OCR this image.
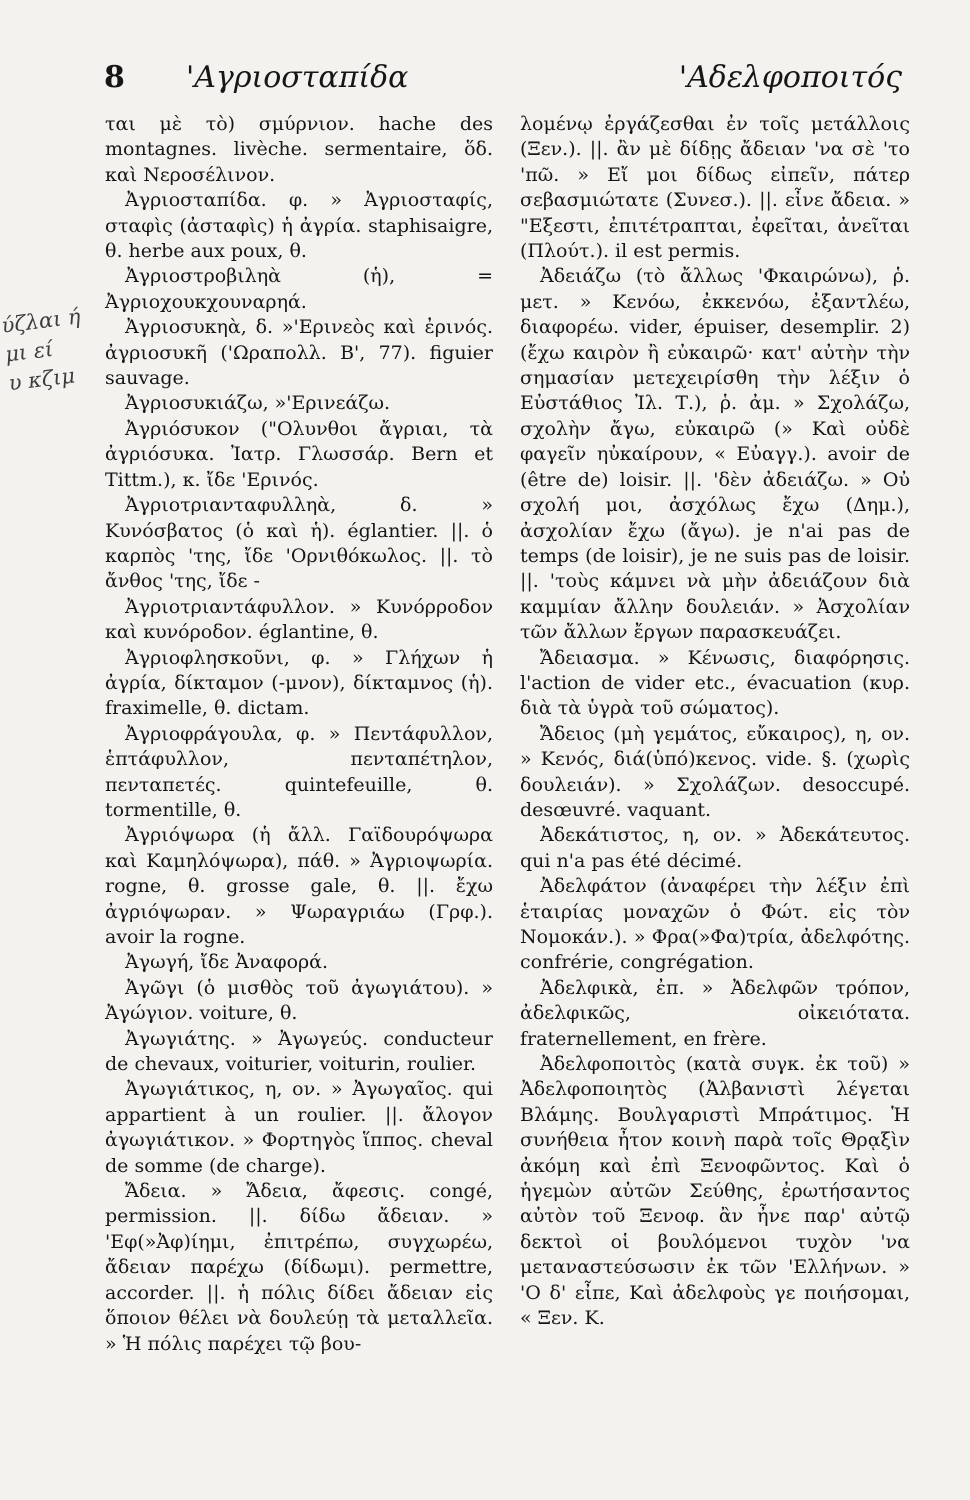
8 'Αγριοσταπίδα	'Αδελφοποιτός
ύζλαι ή
μι εί
υ κζιμ

ται μὲ τὸ) σμύρνιον. hache des montagnes. livèche. sermentaire, ὅδ. καὶ Νεροσέλινον.

Ἀγριοσταπίδα. φ. » Ἀγριοσταφίς, σταφὶς (ἀσταφὶς) ἡ ἀγρία. staphisaigre, θ. herbe aux poux, θ.

Ἀγριοστροβιληὰ (ἡ), = Ἀγριοχουκχουναρηά.

Ἀγριοσυκηὰ, δ. »'Ερινεὸς καὶ ἐρινός. ἀγριοσυκῆ ('Ωραπολλ. Β', 77). figuier sauvage.

Ἀγριοσυκιάζω, »'Ερινεάζω.

Ἀγριόσυκον ("Ολυνθοι ἄγριαι, τὰ ἀγριόσυκα. Ἰατρ. Γλωσσάρ. Bern et Tittm.), κ. ἴδε 'Ερινός.

Ἀγριοτριανταφυλληὰ, δ. » Κυνόσβατος (ὁ καὶ ἡ). églantier. ||. ὁ καρπὸς 'της, ἴδε 'Ορνιθόκωλος. ||. τὸ ἄνθος 'της, ἴδε -

Ἀγριοτριαντάφυλλον. » Κυνόρροδον καὶ κυνόροδον. églantine, θ.

Ἀγριοφλησκοῦνι, φ. » Γλήχων ἡ ἀγρία, δίκταμον (-μνον), δίκταμνος (ἡ). fraximelle, θ. dictam.

Ἀγριοφράγουλα, φ. » Πεντάφυλλον, ἑπτάφυλλον, πενταπέτηλον, πενταπετές. quintefeuille, θ. tormentille, θ.

Ἀγριόψωρα (ἡ ἄλλ. Γαϊδουρόψωρα καὶ Καμηλόψωρα), πάθ. » Ἀγριοψωρία. rogne, θ. grosse gale, θ. ||. ἔχω ἀγριόψωραν. » Ψωραγριάω (Γρφ.). avoir la rogne.

Ἀγωγή, ἴδε Ἀναφορά.

Ἀγῶγι (ὁ μισθὸς τοῦ ἀγωγιάτου). » Ἀγώγιον. voiture, θ.

Ἀγωγιάτης. » Ἀγωγεύς. conducteur de chevaux, voiturier, voiturin, roulier.

Ἀγωγιάτικος, η, ον. » Ἀγωγαῖος. qui appartient à un roulier. ||. ἄλογον ἀγωγιάτικον. » Φορτηγὸς ἵππος. cheval de somme (de charge).

Ἄδεια. » Ἄδεια, ἄφεσις. congé, permission. ||. δίδω ἄδειαν. » 'Εφ(»Ἀφ)ίημι, ἐπιτρέπω, συγχωρέω, ἄδειαν παρέχω (δίδωμι). permettre, accorder. ||. ἡ πόλις δίδει ἄδειαν εἰς ὅποιον θέλει νὰ δουλεύῃ τὰ μεταλλεῖα. » Ἡ πόλις παρέχει τῷ βου-

λομένῳ ἐργάζεσθαι ἐν τοῖς μετάλλοις (Ξεν.). ||. ἂν μὲ δίδῃς ἄδειαν 'να σὲ 'το 'πῶ. » Εἴ μοι δίδως εἰπεῖν, πάτερ σεβασμιώτατε (Συνεσ.). ||. εἶνε ἄδεια. » "Εξεστι, ἐπιτέτραπται, ἐφεῖται, ἀνεῖται (Πλούτ.). il est permis.

Ἀδειάζω (τὸ ἄλλως 'Φκαιρώνω), ῥ. μετ. » Κενόω, ἐκκενόω, ἐξαντλέω, διαφορέω. vider, épuiser, desemplir. 2) (ἔχω καιρὸν ἢ εὐκαιρῶ· κατ' αὐτὴν τὴν σημασίαν μετεχειρίσθη τὴν λέξιν ὁ Εὐστάθιος Ἰλ. Τ.), ῥ. ἀμ. » Σχολάζω, σχολὴν ἄγω, εὐκαιρῶ (» Καὶ οὐδὲ φαγεῖν ηὐκαίρουν, « Εὐαγγ.). avoir de (être de) loisir. ||. 'δὲν ἀδειάζω. » Οὐ σχολή μοι, ἀσχόλως ἔχω (Δημ.), ἀσχολίαν ἔχω (ἄγω). je n'ai pas de temps (de loisir), je ne suis pas de loisir. ||. 'τοὺς κάμνει νὰ μὴν ἀδειάζουν διὰ καμμίαν ἄλλην δουλειάν. » Ἀσχολίαν τῶν ἄλλων ἔργων παρασκευάζει.

Ἄδειασμα. » Κένωσις, διαφόρησις. l'action de vider etc., évacuation (κυρ. διὰ τὰ ὑγρὰ τοῦ σώματος).

Ἄδειος (μὴ γεμάτος, εὔκαιρος), η, ον. » Κενός, διά(ὑπό)κενος. vide. §. (χωρὶς δουλειάν). » Σχολάζων. desoccupé. desœuvré. vaquant.

Ἀδεκάτιστος, η, ον. » Ἀδεκάτευτος. qui n'a pas été décimé.

Ἀδελφάτον (ἀναφέρει τὴν λέξιν ἐπὶ ἑταιρίας μοναχῶν ὁ Φώτ. εἰς τὸν Νομοκάν.). » Φρα(»Φα)τρία, ἀδελφότης. confrérie, congrégation.

Ἀδελφικὰ, ἐπ. » Ἀδελφῶν τρόπον, ἀδελφικῶς, οἰκειότατα. fraternellement, en frère.

Ἀδελφοποιτὸς (κατὰ συγκ. ἐκ τοῦ) » Ἀδελφοποιητὸς (Ἀλβανιστὶ λέγεται Βλάμης. Βουλγαριστὶ Μπράτιμος. Ἡ συνήθεια ἦτον κοινὴ παρὰ τοῖς Θρᾳξὶν ἀκόμη καὶ ἐπὶ Ξενοφῶντος. Καὶ ὁ ἡγεμὼν αὐτῶν Σεύθης, ἐρωτήσαντος αὐτὸν τοῦ Ξενοφ. ἂν ἦνε παρ' αὐτῷ δεκτοὶ οἱ βουλόμενοι τυχὸν 'να μεταναστεύσωσιν ἐκ τῶν 'Ελλήνων. » 'Ο δ' εἶπε, Καὶ ἀδελφοὺς γε ποιήσομαι, « Ξεν. Κ.
